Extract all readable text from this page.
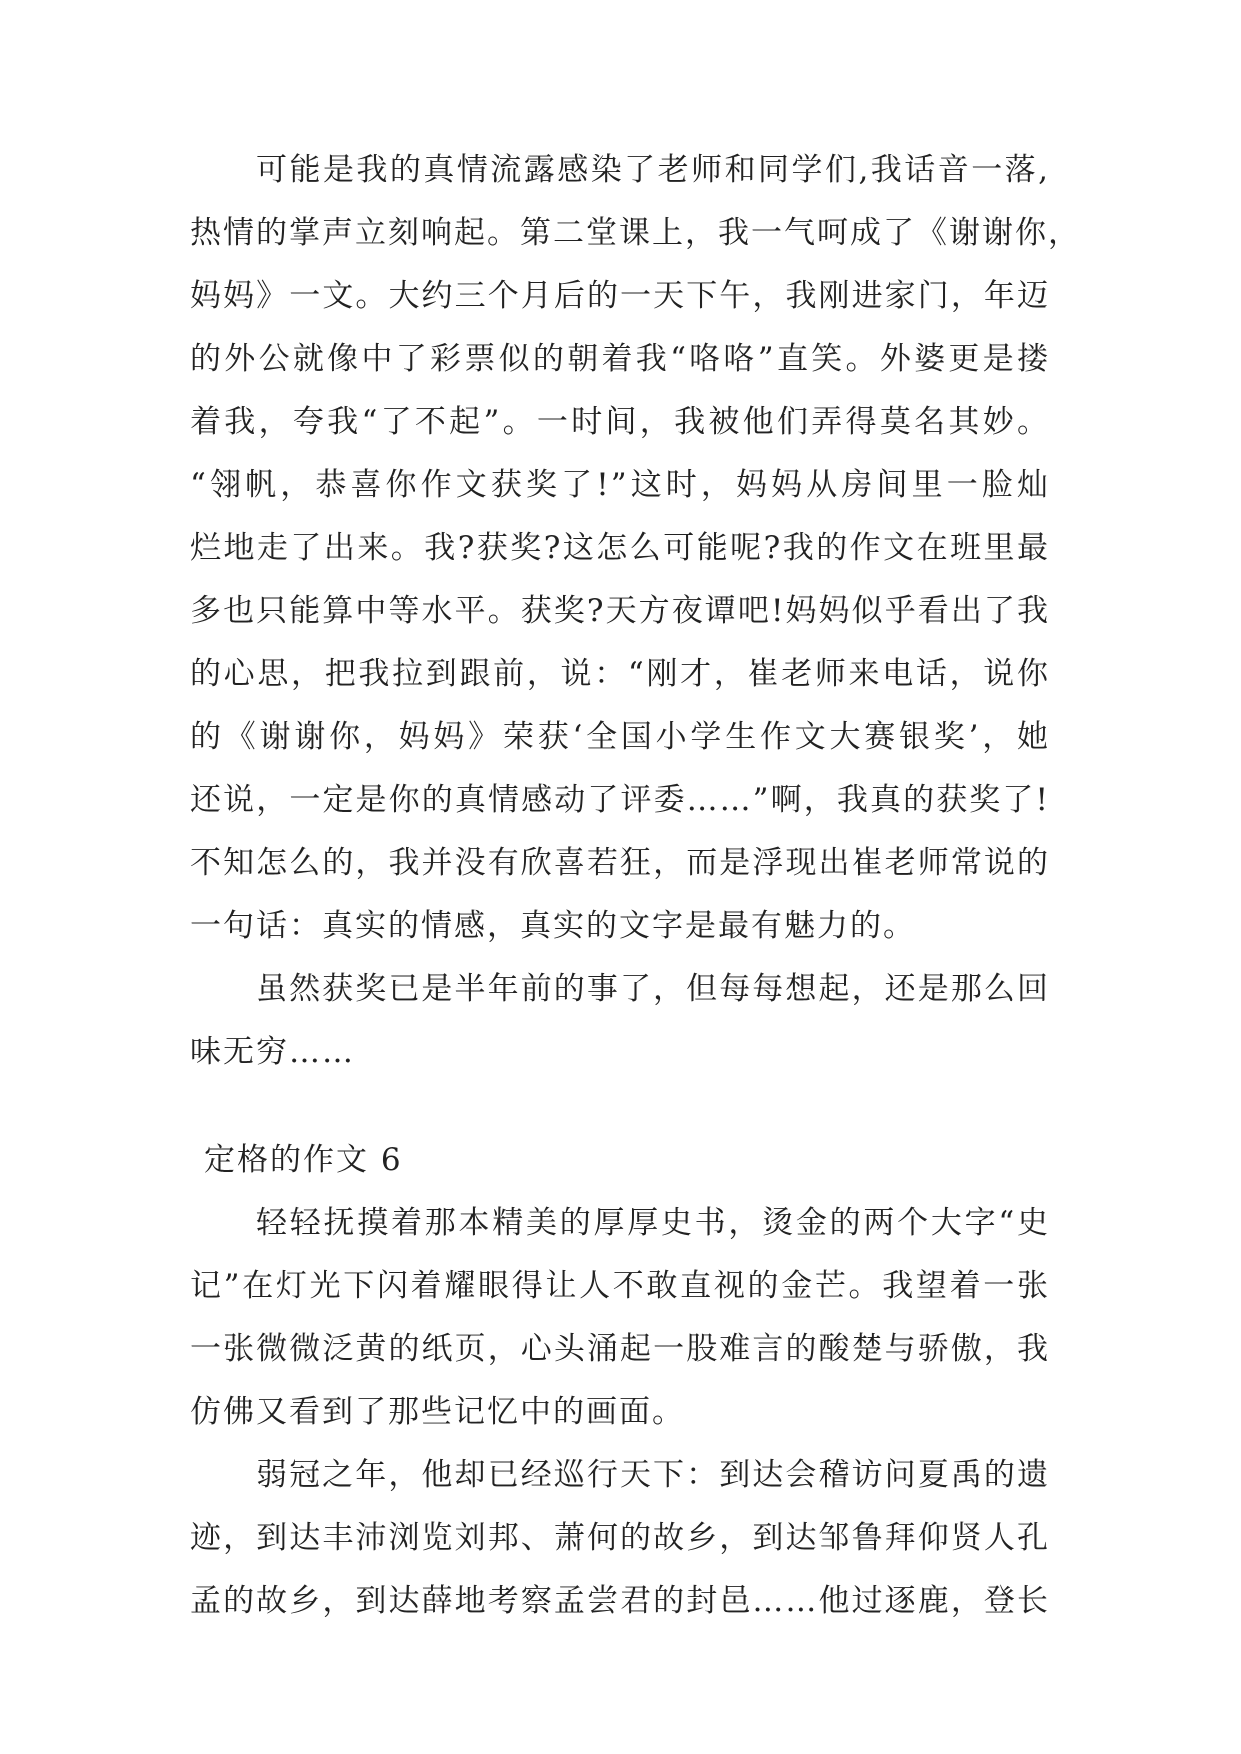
可能是我的真情流露感染了老师和同学们,我话音一落,
热情的掌声立刻响起。第二堂课上，我一气呵成了《谢谢你，
妈妈》一文。大约三个月后的一天下午，我刚进家门，年迈
的外公就像中了彩票似的朝着我“咯咯”直笑。外婆更是搂
着我，夸我“了不起”。一时间，我被他们弄得莫名其妙。
“翎帆，恭喜你作文获奖了!”这时，妈妈从房间里一脸灿
烂地走了出来。我?获奖?这怎么可能呢?我的作文在班里最
多也只能算中等水平。获奖?天方夜谭吧!妈妈似乎看出了我
的心思，把我拉到跟前，说：“刚才，崔老师来电话，说你
的《谢谢你，妈妈》荣获‘全国小学生作文大赛银奖’，她
还说，一定是你的真情感动了评委……”啊，我真的获奖了!
不知怎么的，我并没有欣喜若狂，而是浮现出崔老师常说的
一句话：真实的情感，真实的文字是最有魅力的。
虽然获奖已是半年前的事了，但每每想起，还是那么回
味无穷……
定格的作文 6
轻轻抚摸着那本精美的厚厚史书，烫金的两个大字“史
记”在灯光下闪着耀眼得让人不敢直视的金芒。我望着一张
一张微微泛黄的纸页，心头涌起一股难言的酸楚与骄傲，我
仿佛又看到了那些记忆中的画面。
弱冠之年，他却已经巡行天下：到达会稽访问夏禹的遗
迹，到达丰沛浏览刘邦、萧何的故乡，到达邹鲁拜仰贤人孔
孟的故乡，到达薛地考察孟尝君的封邑……他过逐鹿，登长
